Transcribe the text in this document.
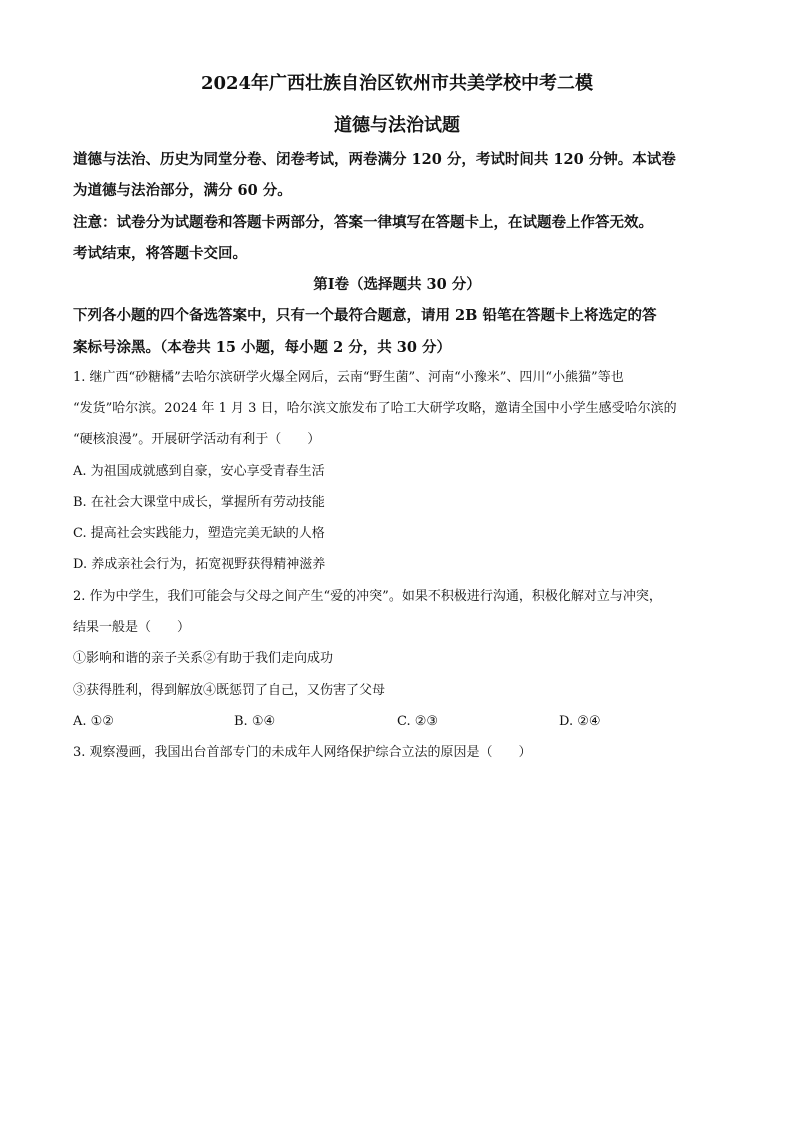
2024年广西壮族自治区钦州市共美学校中考二模
道德与法治试题
道德与法治、历史为同堂分卷、闭卷考试，两卷满分 120 分，考试时间共 120 分钟。本试卷
为道德与法治部分，满分 60 分。
注意：试卷分为试题卷和答题卡两部分，答案一律填写在答题卡上，在试题卷上作答无效。
考试结束，将答题卡交回。
第Ⅰ卷（选择题共 30 分）
下列各小题的四个备选答案中，只有一个最符合题意，请用 2B 铅笔在答题卡上将选定的答
案标号涂黑。（本卷共 15 小题，每小题 2 分，共 30 分）
1. 继广西“砂糖橘”去哈尔滨研学火爆全网后，云南“野生菌”、河南“小豫米”、四川“小熊猫”等也
“发货”哈尔滨。2024 年 1 月 3 日，哈尔滨文旅发布了哈工大研学攻略，邀请全国中小学生感受哈尔滨的
“硬核浪漫”。开展研学活动有利于（　　）
A. 为祖国成就感到自豪，安心享受青春生活
B. 在社会大课堂中成长，掌握所有劳动技能
C. 提高社会实践能力，塑造完美无缺的人格
D. 养成亲社会行为，拓宽视野获得精神滋养
2. 作为中学生，我们可能会与父母之间产生“爱的冲突”。如果不积极进行沟通，积极化解对立与冲突，
结果一般是（　　）
①影响和谐的亲子关系②有助于我们走向成功
③获得胜利，得到解放④既惩罚了自己，又伤害了父母
A. ①②	B. ①④	C. ②③	D. ②④
3. 观察漫画，我国出台首部专门的未成年人网络保护综合立法的原因是（　　）
